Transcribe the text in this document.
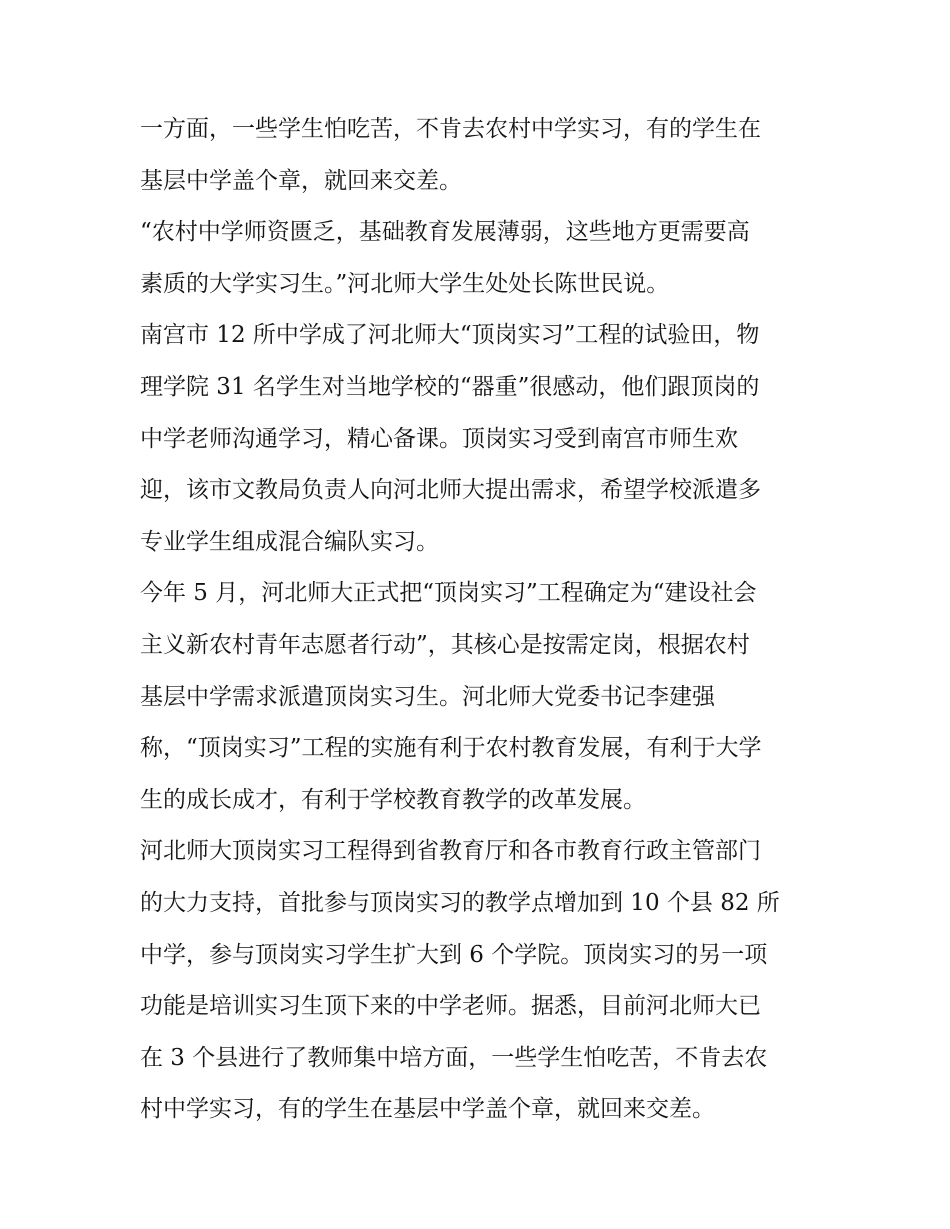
一方面，一些学生怕吃苦，不肯去农村中学实习，有的学生在
基层中学盖个章，就回来交差。

“农村中学师资匮乏，基础教育发展薄弱，这些地方更需要高
素质的大学实习生。”河北师大学生处处长陈世民说。

南宫市 12 所中学成了河北师大“顶岗实习”工程的试验田，物
理学院 31 名学生对当地学校的“器重”很感动，他们跟顶岗的
中学老师沟通学习，精心备课。顶岗实习受到南宫市师生欢
迎，该市文教局负责人向河北师大提出需求，希望学校派遣多
专业学生组成混合编队实习。

今年 5 月，河北师大正式把“顶岗实习”工程确定为“建设社会
主义新农村青年志愿者行动”，其核心是按需定岗，根据农村
基层中学需求派遣顶岗实习生。河北师大党委书记李建强
称，“顶岗实习”工程的实施有利于农村教育发展，有利于大学
生的成长成才，有利于学校教育教学的改革发展。

河北师大顶岗实习工程得到省教育厅和各市教育行政主管部门
的大力支持，首批参与顶岗实习的教学点增加到 10 个县 82 所
中学，参与顶岗实习学生扩大到 6 个学院。顶岗实习的另一项
功能是培训实习生顶下来的中学老师。据悉，目前河北师大已
在 3 个县进行了教师集中培方面，一些学生怕吃苦，不肯去农
村中学实习，有的学生在基层中学盖个章，就回来交差。
